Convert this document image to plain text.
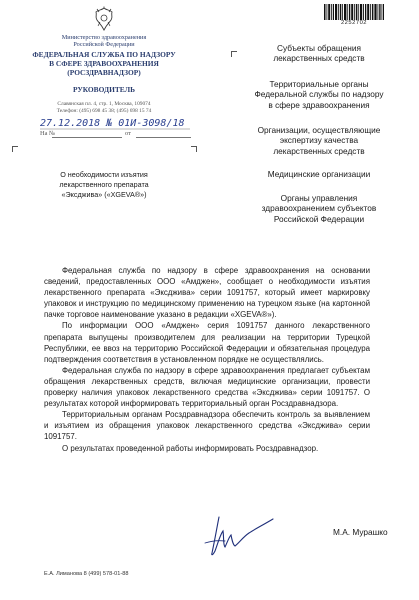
Министерство здравоохранения
Российской Федерации
ФЕДЕРАЛЬНАЯ СЛУЖБА ПО НАДЗОРУ
В СФЕРЕ ЗДРАВООХРАНЕНИЯ
(РОСЗДРАВНАДЗОР)
РУКОВОДИТЕЛЬ
Славянская пл. 4, стр. 1, Москва, 109074
Телефон: (495) 698 45 38; (495) 698 15 74
27.12.2018 № 01И-3098/18
На №	от
О необходимости изъятия
лекарственного препарата
«Эксджива» («XGEVA®»)
2252702
Субъекты обращения
лекарственных средств
Территориальные органы
Федеральной службы по надзору
в сфере здравоохранения
Организации, осуществляющие
экспертизу качества
лекарственных средств
Медицинские организации
Органы управления
здравоохранением субъектов
Российской Федерации

Федеральная служба по надзору в сфере здравоохранения на основании сведений, предоставленных ООО «Амджен», сообщает о необходимости изъятия лекарственного препарата «Эксджива» серии 1091757, который имеет маркировку упаковок и инструкцию по медицинскому применению на турецком языке (на картонной пачке торговое наименование указано в редакции «XGEVA®»).

По информации ООО «Амджен» серия 1091757 данного лекарственного препарата выпущены производителем для реализации на территории Турецкой Республики, ее ввоз на территорию Российской Федерации и обязательная процедура подтверждения соответствия в установленном порядке не осуществлялись.

Федеральная служба по надзору в сфере здравоохранения предлагает субъектам обращения лекарственных средств, включая медицинские организации, провести проверку наличия упаковок лекарственного средства «Эксджива» серии 1091757. О результатах которой информировать территориальный орган Росздравнадзора.

Территориальным органам Росздравнадзора обеспечить контроль за выявлением и изъятием из обращения упаковок лекарственного средства «Эксджива» серии 1091757.

О результатах проведенной работы информировать Росздравнадзор.

М.А. Мурашко
Е.А. Лиманова 8 (499) 578-01-88
